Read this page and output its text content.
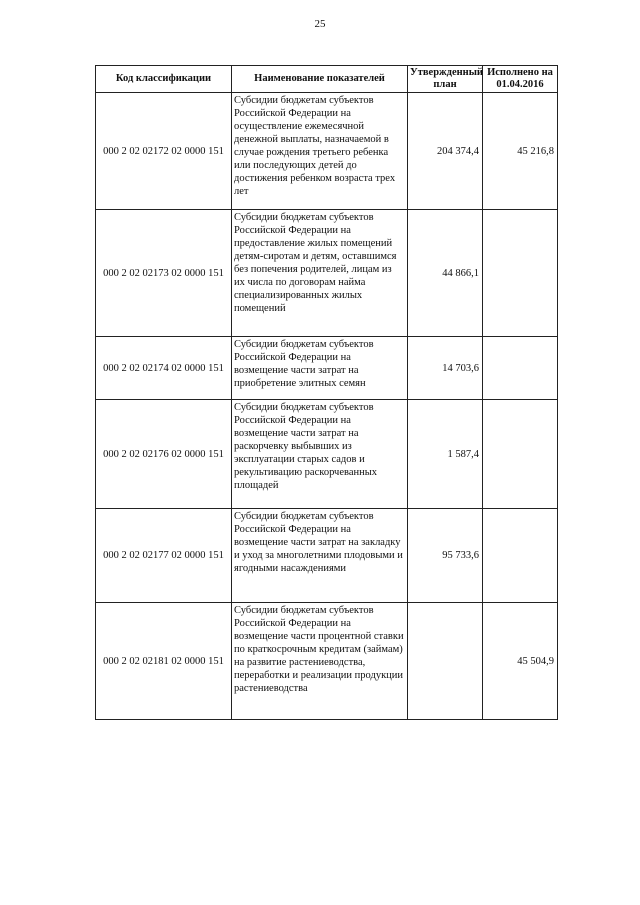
25
Код классификации	Наименование показателей	Утвержденный план	Исполнено на 01.04.2016
000 2 02 02172 02 0000 151	Субсидии бюджетам субъектов Российской Федерации на осуществление ежемесячной денежной выплаты, назначаемой в случае рождения третьего ребенка или последующих детей до достижения ребенком возраста трех лет	204 374,4	45 216,8
000 2 02 02173 02 0000 151	Субсидии бюджетам субъектов Российской Федерации на предоставление жилых помещений детям-сиротам и детям, оставшимся без попечения родителей, лицам из их числа по договорам найма специализированных жилых помещений	44 866,1	
000 2 02 02174 02 0000 151	Субсидии бюджетам субъектов Российской Федерации на возмещение части затрат на приобретение элитных семян	14 703,6	
000 2 02 02176 02 0000 151	Субсидии бюджетам субъектов Российской Федерации на возмещение части затрат на раскорчевку выбывших из эксплуатации старых садов и рекультивацию раскорчеванных площадей	1 587,4	
000 2 02 02177 02 0000 151	Субсидии бюджетам субъектов Российской Федерации на возмещение части затрат на закладку и уход за многолетними плодовыми и ягодными насаждениями	95 733,6	
000 2 02 02181 02 0000 151	Субсидии бюджетам субъектов Российской Федерации на возмещение части процентной ставки по краткосрочным кредитам (займам) на развитие растениеводства, переработки и реализации продукции растениеводства		45 504,9
